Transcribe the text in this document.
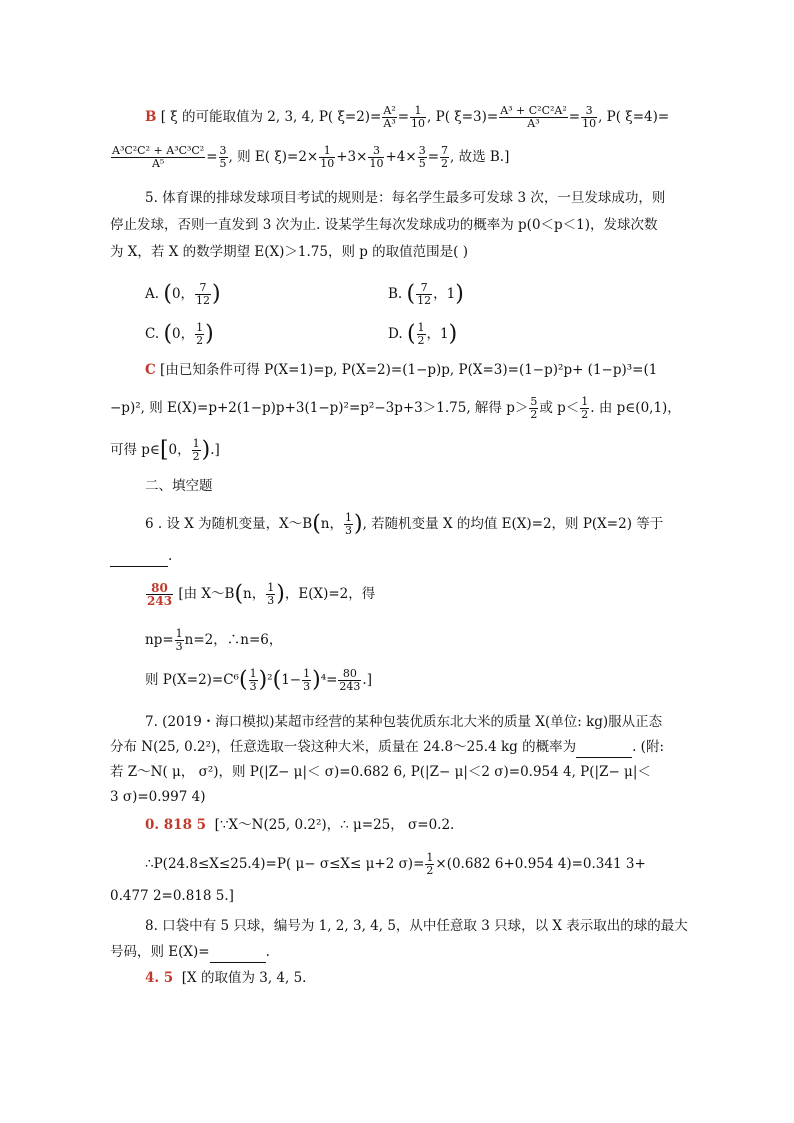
B [ ξ 的可能取值为 2, 3, 4, P( $\xi=2)= \frac{\text{A²}}{\text{A³}} = \frac{1}{10}$ , P( $\xi=3)= \frac{\text{A³ + C²C²A²}}{\text{A³}} = \frac{3}{10}$ , P( ξ=4)=
$\frac{\text{A³C²C² + A³C³C²}}{\text{A⁵}} = \frac{3}{5}$ , 则 E( $\xi)=2\times \frac{1}{10} +3\times \frac{3}{10} +4\times \frac{3}{5} = \frac{7}{2}$ , 故选 B.]
5. 体育课的排球发球项目考试的规则是：每名学生最多可发球 3 次，一旦发球成功，则
停止发球，否则一直发到 3 次为止. 设某学生每次发球成功的概率为 p(0＜p＜1)，发球次数
为 X，若 X 的数学期望 E(X)＞1.75，则 p 的取值范围是( )
A. (0， $\frac{7}{12}$ )	B. ( $\frac{7}{12}$ ，1)
C. (0， $\frac{1}{2}$ )	D. ( $\frac{1}{2}$ ，1)
C [由已知条件可得 P(X=1)=p, P(X=2)=(1−p)p, P(X=3)=(1−p)²p+ (1−p)³=(1
−p)², 则 E(X)=p+2(1−p)p+3(1−p)²=p²−3p+3＞1.75, 解得 $p> \frac{5}{2}$ 或 $p< \frac{1}{2}$ . 由 p∈(0,1)，
可得 p∈[0， $\frac{1}{2}$ ).]
二、填空题
6 . 设 X 为随机变量，X～B(n， $\frac{1}{3}$ ), 若随机变量 X 的均值 E(X)=2，则 P(X=2) 等于
.
$\frac{80}{243}$ [由 X～B(n， $\frac{1}{3}$ )，E(X)=2，得
$np= \frac{1}{3} n=2$，∴n=6，
则 $P(X=2)=C^6( \frac{1}{3} )^2(1- \frac{1}{3} )^4= \frac{80}{243}$ .]
7. (2019・海口模拟)某超市经营的某种包装优质东北大米的质量 X(单位: kg)服从正态
分布 N(25, 0.2²)，任意选取一袋这种大米，质量在 24.8～25.4 kg 的概率为	. (附:
若 Z～N( μ， σ²)，则 P(|Z− μ|＜ σ)=0.682 6, P(|Z− μ|＜2 σ)=0.954 4, P(|Z− μ|＜
3 σ)=0.997 4)
0. 818 5 [∵X～N(25, 0.2²)，∴ μ=25， σ=0.2.
∴P(24.8≤X≤25.4)=P( μ− σ≤X≤ μ+2 $\sigma)= \frac{1}{2} \times(0.682$ 6+0.954 4)=0.341 3+
0.477 2=0.818 5.]
8. 口袋中有 5 只球，编号为 1, 2, 3, 4, 5，从中任意取 3 只球，以 X 表示取出的球的最大
号码，则 E(X)=	.
4. 5 [X 的取值为 3, 4, 5.
